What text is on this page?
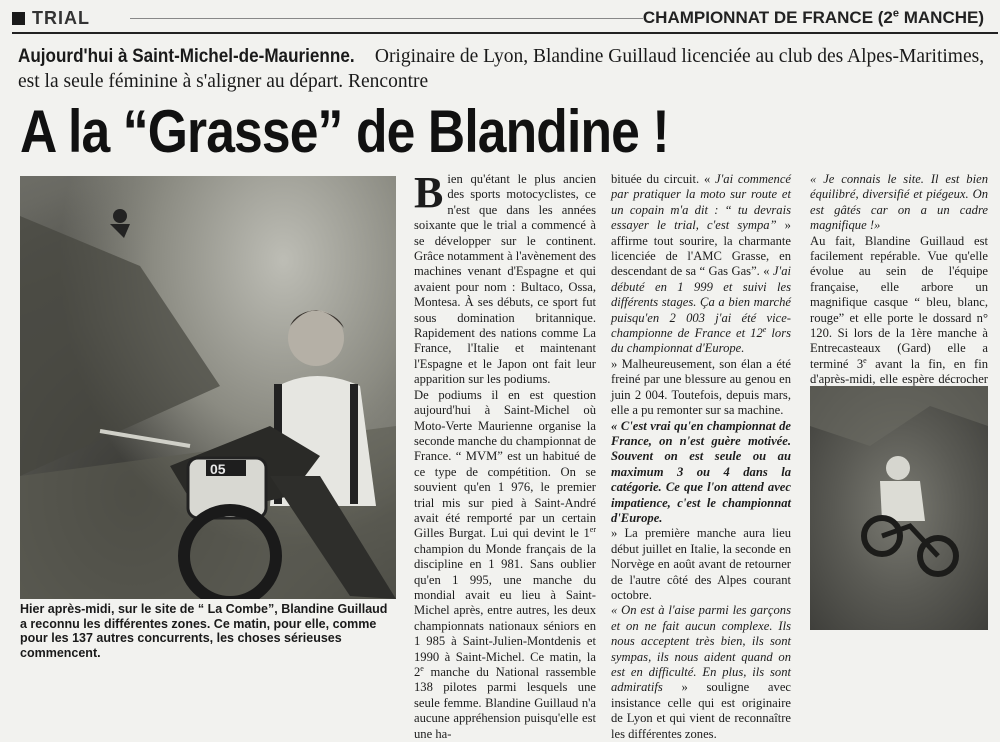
TRIAL	CHAMPIONNAT DE FRANCE (2e MANCHE)
Aujourd'hui à Saint-Michel-de-Maurienne. Originaire de Lyon, Blandine Guillaud licenciée au club des Alpes-Maritimes, est la seule féminine à s'aligner au départ. Rencontre
A la “Grasse” de Blandine !
05
Hier après-midi, sur le site de “ La Combe”, Blandine Guillaud a reconnu les différentes zones. Ce matin, pour elle, comme pour les 137 autres concurrents, les choses sérieuses commencent.

Bien qu'étant le plus ancien des sports motocyclistes, ce n'est que dans les années soixante que le trial a commencé à se développer sur le continent. Grâce notamment à l'avènement des machines venant d'Espagne et qui avaient pour nom : Bultaco, Ossa, Montesa. À ses débuts, ce sport fut sous domination britannique. Rapidement des nations comme La France, l'Italie et maintenant l'Espagne et le Japon ont fait leur apparition sur les podiums.

De podiums il en est question aujourd'hui à Saint-Michel où Moto-Verte Maurienne organise la seconde manche du championnat de France. “ MVM” est un habitué de ce type de compétition. On se souvient qu'en 1 976, le premier trial mis sur pied à Saint-André avait été remporté par un certain Gilles Burgat. Lui qui devint le 1er champion du Monde français de la discipline en 1 981. Sans oublier qu'en 1 995, une manche du mondial avait eu lieu à Saint-Michel après, entre autres, les deux championnats nationaux séniors en 1 985 à Saint-Julien-Montdenis et 1990 à Saint-Michel. Ce matin, la 2e manche du National rassemble 138 pilotes parmi lesquels une seule femme. Blandine Guillaud n'a aucune appréhension puisqu'elle est une ha-

bituée du circuit. « J'ai commencé par pratiquer la moto sur route et un copain m'a dit : “ tu devrais essayer le trial, c'est sympa” » affirme tout sourire, la charmante licenciée de l'AMC Grasse, en descendant de sa “ Gas Gas”. « J'ai débuté en 1 999 et suivi les différents stages. Ça a bien marché puisqu'en 2 003 j'ai été vice-championne de France et 12e lors du championnat d'Europe.

» Malheureusement, son élan a été freiné par une blessure au genou en juin 2 004. Toutefois, depuis mars, elle a pu remonter sur sa machine.

« C'est vrai qu'en championnat de France, on n'est guère motivée. Souvent on est seule ou au maximum 3 ou 4 dans la catégorie. Ce que l'on attend avec impatience, c'est le championnat d'Europe.

» La première manche aura lieu début juillet en Italie, la seconde en Norvège en août avant de retourner de l'autre côté des Alpes courant octobre.

« On est à l'aise parmi les garçons et on ne fait aucun complexe. Ils nous acceptent très bien, ils sont sympas, ils nous aident quand on est en difficulté. En plus, ils sont admiratifs » souligne avec insistance celle qui est originaire de Lyon et qui vient de reconnaître les différentes zones.

« Je connais le site. Il est bien équilibré, diversifié et piégeux. On est gâtés car on a un cadre magnifique !»

Au fait, Blandine Guillaud est facilement repérable. Vue qu'elle évolue au sein de l'équipe française, elle arbore un magnifique casque “ bleu, blanc, rouge” et elle porte le dossard n° 120. Si lors de la 1ère manche à Entrecasteaux (Gard) elle a terminé 3e avant la fin, en fin d'après-midi, elle espère décrocher
